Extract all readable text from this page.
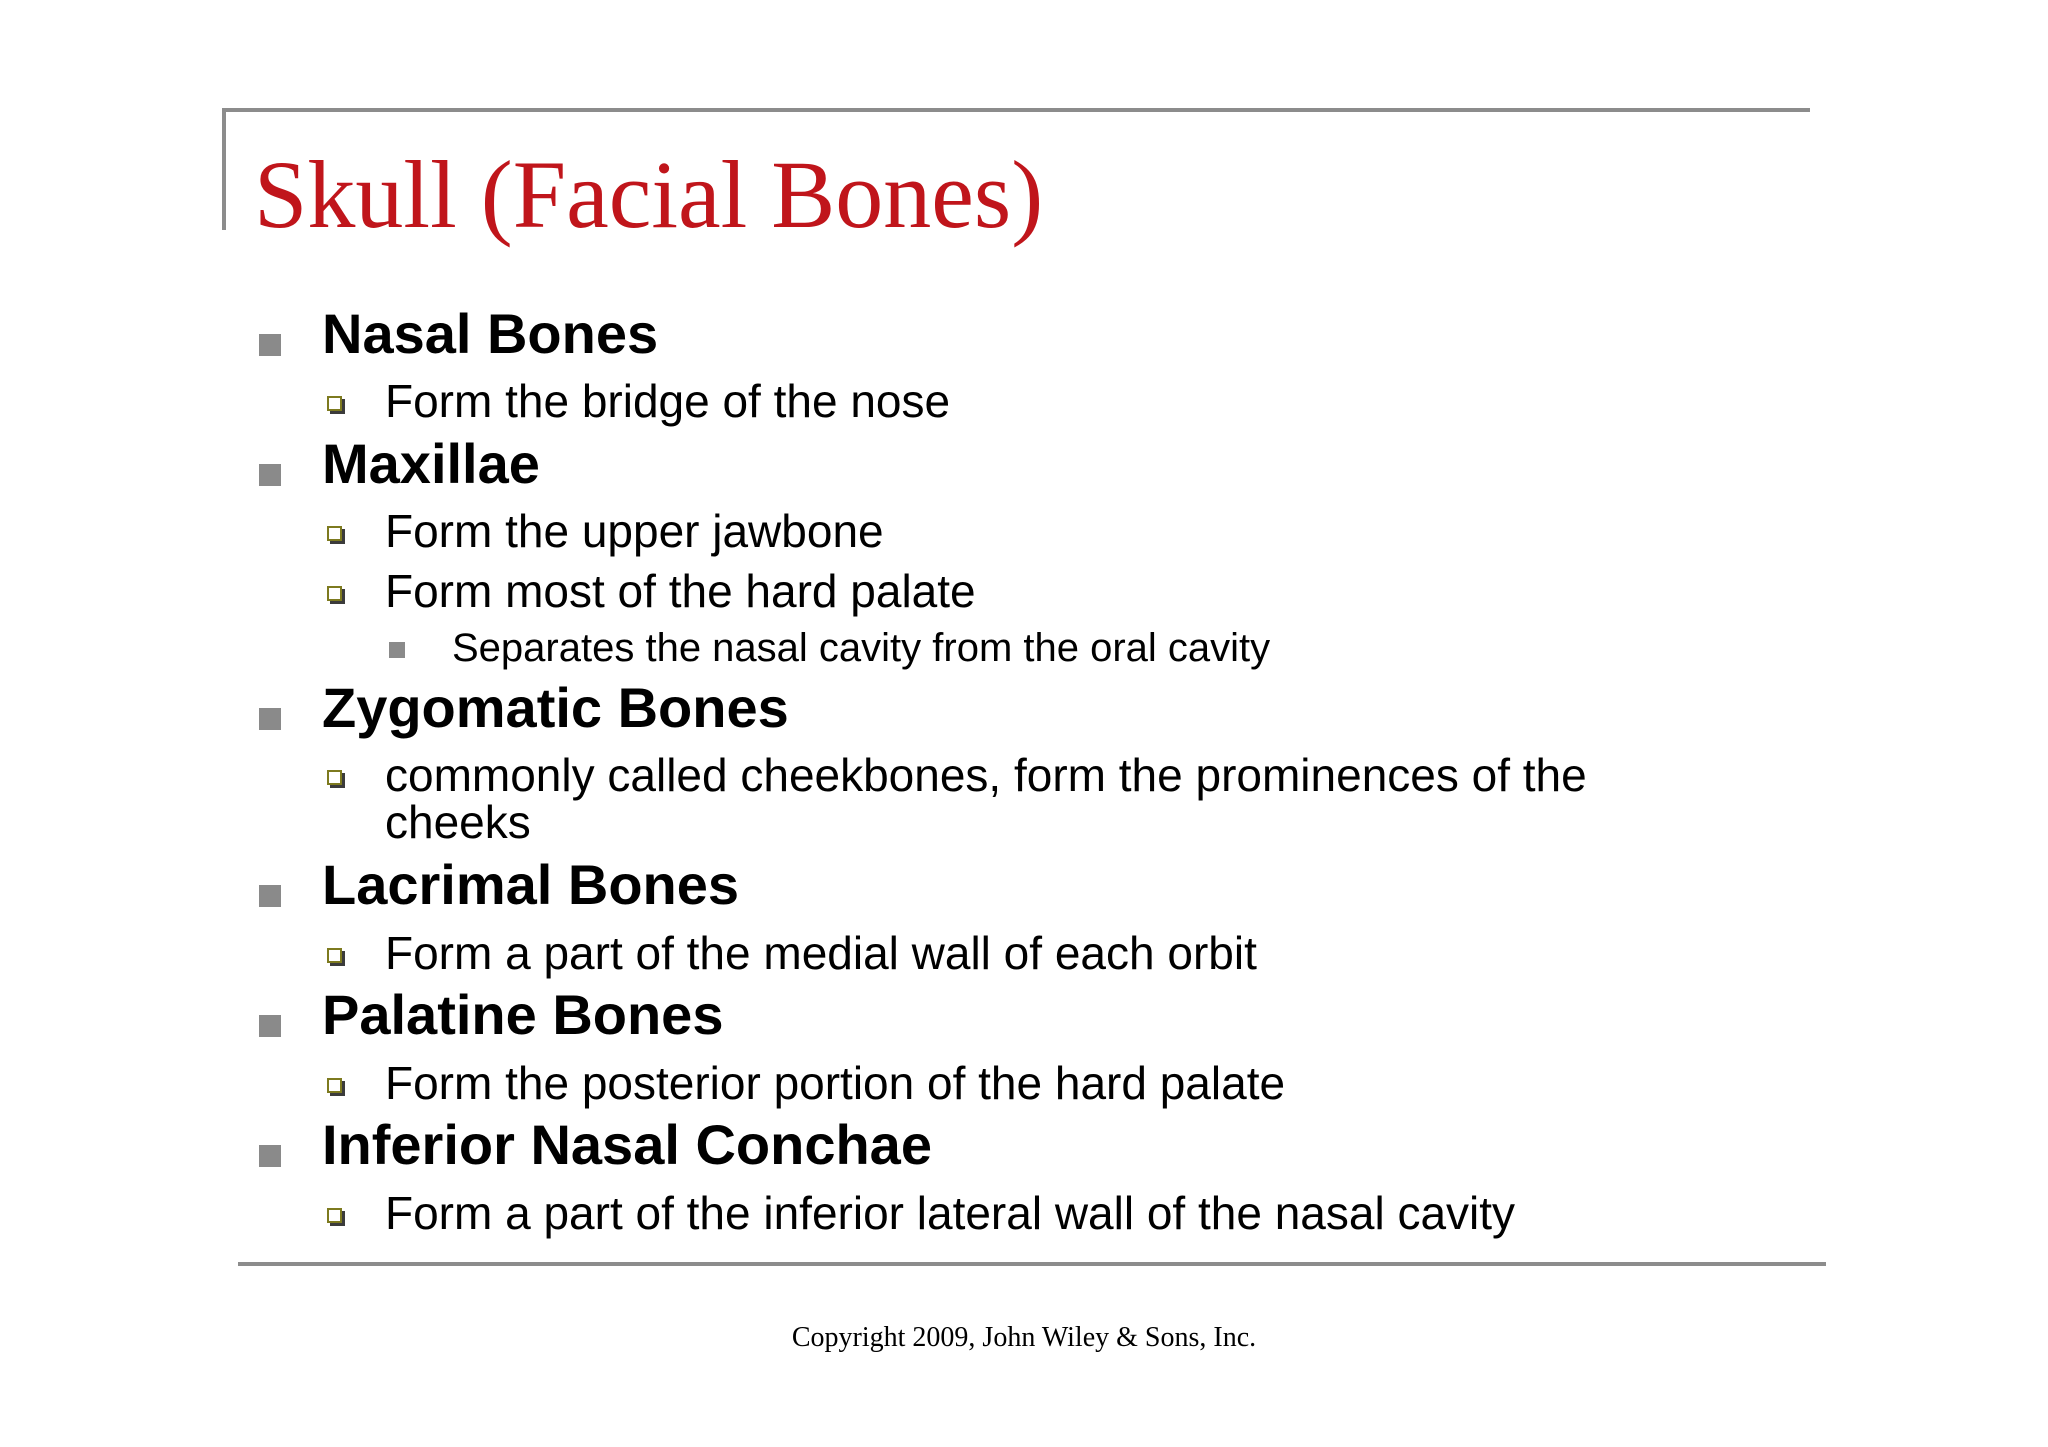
Skull (Facial Bones)
Nasal Bones
Form the bridge of the nose
Maxillae
Form the upper jawbone
Form most of the hard palate
Separates the nasal cavity from the oral cavity
Zygomatic Bones
commonly called cheekbones, form the prominences of the
cheeks
Lacrimal Bones
Form a part of the medial wall of each orbit
Palatine Bones
Form the posterior portion of the hard palate
Inferior Nasal Conchae
Form a part of the inferior lateral wall of the nasal cavity
Copyright 2009, John Wiley & Sons, Inc.
